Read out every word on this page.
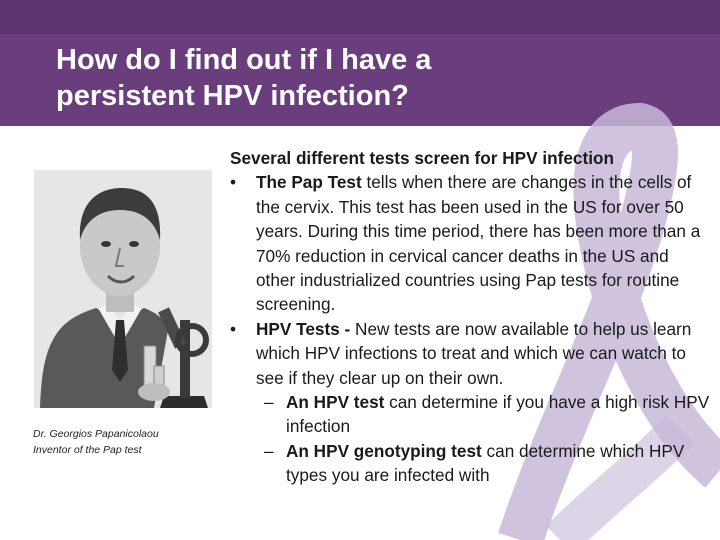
How do I find out if I have a
persistent HPV infection?
Dr. Georgios Papanicolaou
Inventor of the Pap test

Several different tests screen for HPV infection

•	The Pap Test tells when there are changes in the cells of the cervix. This test has been used in the US for over 50 years. During this time period, there has been more than a 70% reduction in cervical cancer deaths in the US and other industrialized countries using Pap tests for routine screening.

•	HPV Tests - New tests are now available to help us learn which HPV infections to treat and which we can watch to see if they clear up on their own.

– An HPV test can determine if you have a high risk HPV infection

– An HPV genotyping test can determine which HPV types you are infected with
